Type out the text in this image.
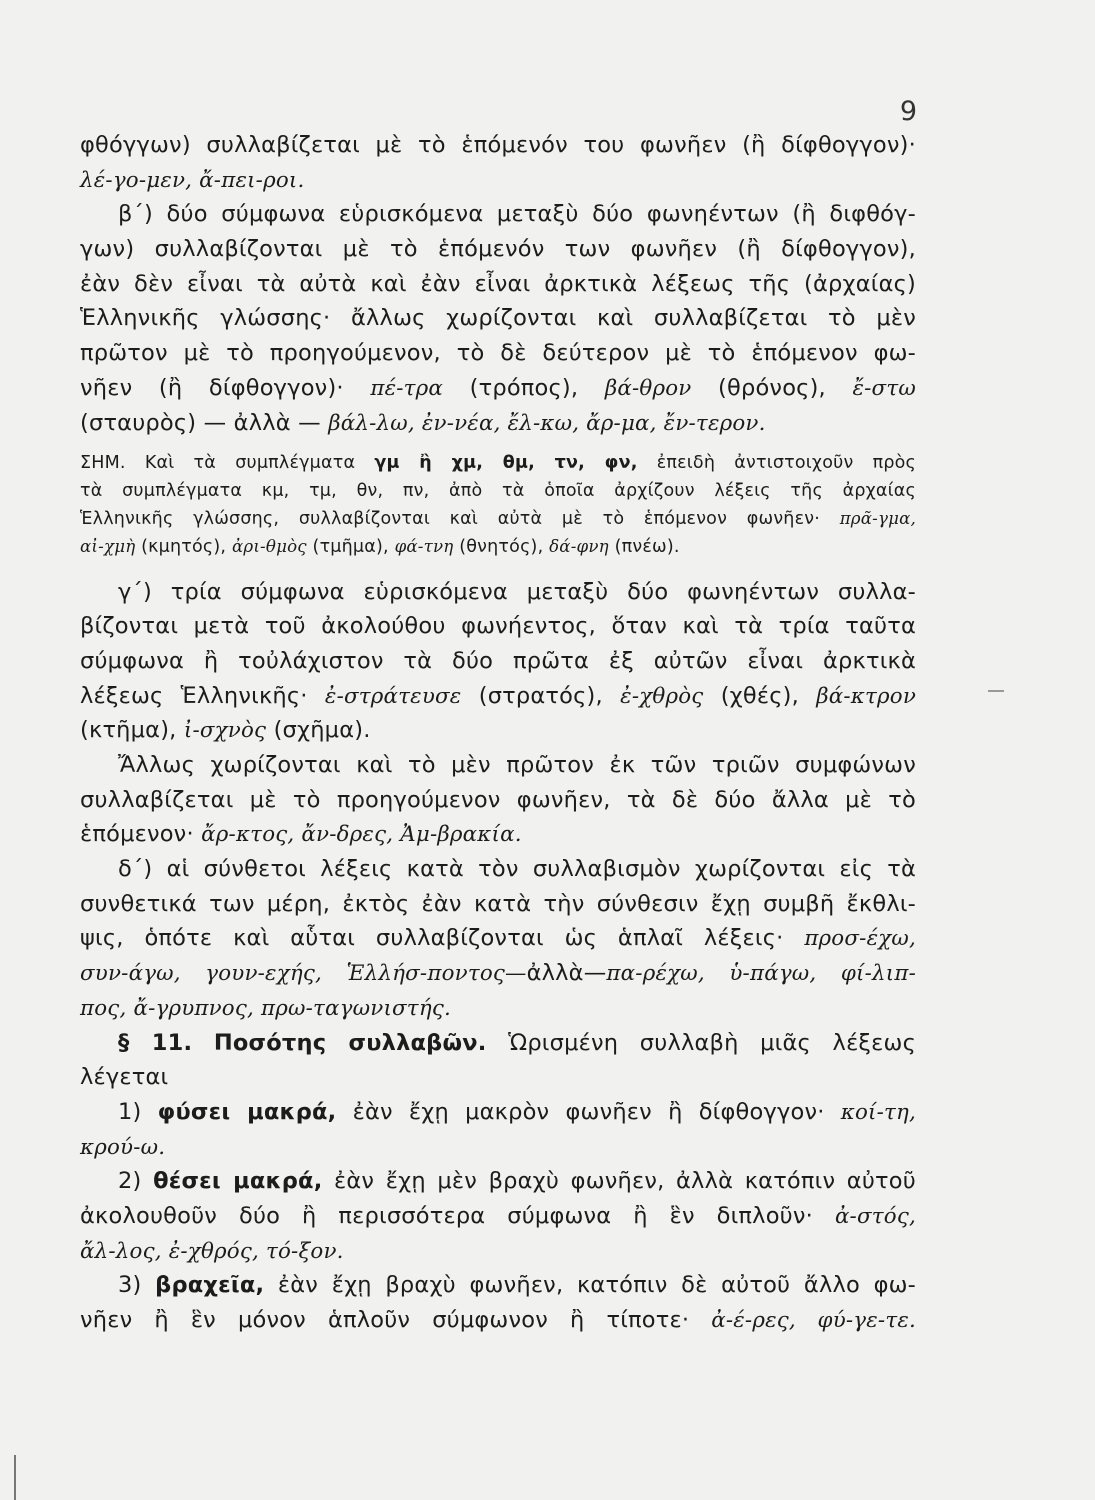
9
φθόγγων) συλλαβίζεται μὲ τὸ ἑπόμενόν του φωνῆεν (ἢ δίφθογγον)·
λέ-γο-μεν, ἄ-πει-ροι.
β΄) δύο σύμφωνα εὑρισκόμενα μεταξὺ δύο φωνηέντων (ἢ διφθόγ-
γων) συλλαβίζονται μὲ τὸ ἑπόμενόν των φωνῆεν (ἢ δίφθογγον),
ἐὰν δὲν εἶναι τὰ αὐτὰ καὶ ἐὰν εἶναι ἀρκτικὰ λέξεως τῆς (ἀρχαίας)
Ἑλληνικῆς γλώσσης· ἄλλως χωρίζονται καὶ συλλαβίζεται τὸ μὲν
πρῶτον μὲ τὸ προηγούμενον, τὸ δὲ δεύτερον μὲ τὸ ἑπόμενον φω-
νῆεν (ἢ δίφθογγον)· πέ-τρα (τρόπος), βά-θρον (θρόνος), ἔ-στω
(σταυρὸς) — ἀλλὰ — βάλ-λω, ἐν-νέα, ἔλ-κω, ἄρ-μα, ἔν-τερον.
ΣΗΜ. Καὶ τὰ συμπλέγματα γμ ἢ χμ, θμ, τν, φν, ἐπειδὴ ἀντιστοιχοῦν πρὸς
τὰ συμπλέγματα κμ, τμ, θν, πν, ἀπὸ τὰ ὁποῖα ἀρχίζουν λέξεις τῆς ἀρχαίας
Ἑλληνικῆς γλώσσης, συλλαβίζονται καὶ αὐτὰ μὲ τὸ ἑπόμενον φωνῆεν· πρᾶ-γμα,
αἰ-χμὴ (κμητός), ἀρι-θμὸς (τμῆμα), φά-τνη (θνητός), δά-φνη (πνέω).
γ΄) τρία σύμφωνα εὑρισκόμενα μεταξὺ δύο φωνηέντων συλλα-
βίζονται μετὰ τοῦ ἀκολούθου φωνήεντος, ὅταν καὶ τὰ τρία ταῦτα
σύμφωνα ἢ τοὐλάχιστον τὰ δύο πρῶτα ἐξ αὐτῶν εἶναι ἀρκτικὰ
λέξεως Ἑλληνικῆς· ἐ-στράτευσε (στρατός), ἐ-χθρὸς (χθές), βά-κτρον
(κτῆμα), ἰ-σχνὸς (σχῆμα).
Ἄλλως χωρίζονται καὶ τὸ μὲν πρῶτον ἐκ τῶν τριῶν συμφώνων
συλλαβίζεται μὲ τὸ προηγούμενον φωνῆεν, τὰ δὲ δύο ἄλλα μὲ τὸ
ἑπόμενον· ἄρ-κτος, ἄν-δρες, Ἀμ-βρακία.
δ΄) αἱ σύνθετοι λέξεις κατὰ τὸν συλλαβισμὸν χωρίζονται εἰς τὰ
συνθετικά των μέρη, ἐκτὸς ἐὰν κατὰ τὴν σύνθεσιν ἔχῃ συμβῆ ἔκθλι-
ψις, ὁπότε καὶ αὗται συλλαβίζονται ὡς ἁπλαῖ λέξεις· προσ-έχω,
συν-άγω, γουν-εχής, Ἑλλήσ-ποντος—ἀλλὰ—πα-ρέχω, ὑ-πάγω, φί-λιπ-
πος, ἄ-γρυπνος, πρω-ταγωνιστής.
§ 11. Ποσότης συλλαβῶν. Ὡρισμένη συλλαβὴ μιᾶς λέξεως
λέγεται
1) φύσει μακρά, ἐὰν ἔχῃ μακρὸν φωνῆεν ἢ δίφθογγον· κοί-τη,
κρού-ω.
2) θέσει μακρά, ἐὰν ἔχῃ μὲν βραχὺ φωνῆεν, ἀλλὰ κατόπιν αὐτοῦ
ἀκολουθοῦν δύο ἢ περισσότερα σύμφωνα ἢ ἓν διπλοῦν· ἀ-στός,
ἄλ-λος, ἐ-χθρός, τό-ξον.
3) βραχεῖα, ἐὰν ἔχῃ βραχὺ φωνῆεν, κατόπιν δὲ αὐτοῦ ἄλλο φω-
νῆεν ἢ ἓν μόνον ἁπλοῦν σύμφωνον ἢ τίποτε· ἀ-έ-ρες, φύ-γε-τε.
